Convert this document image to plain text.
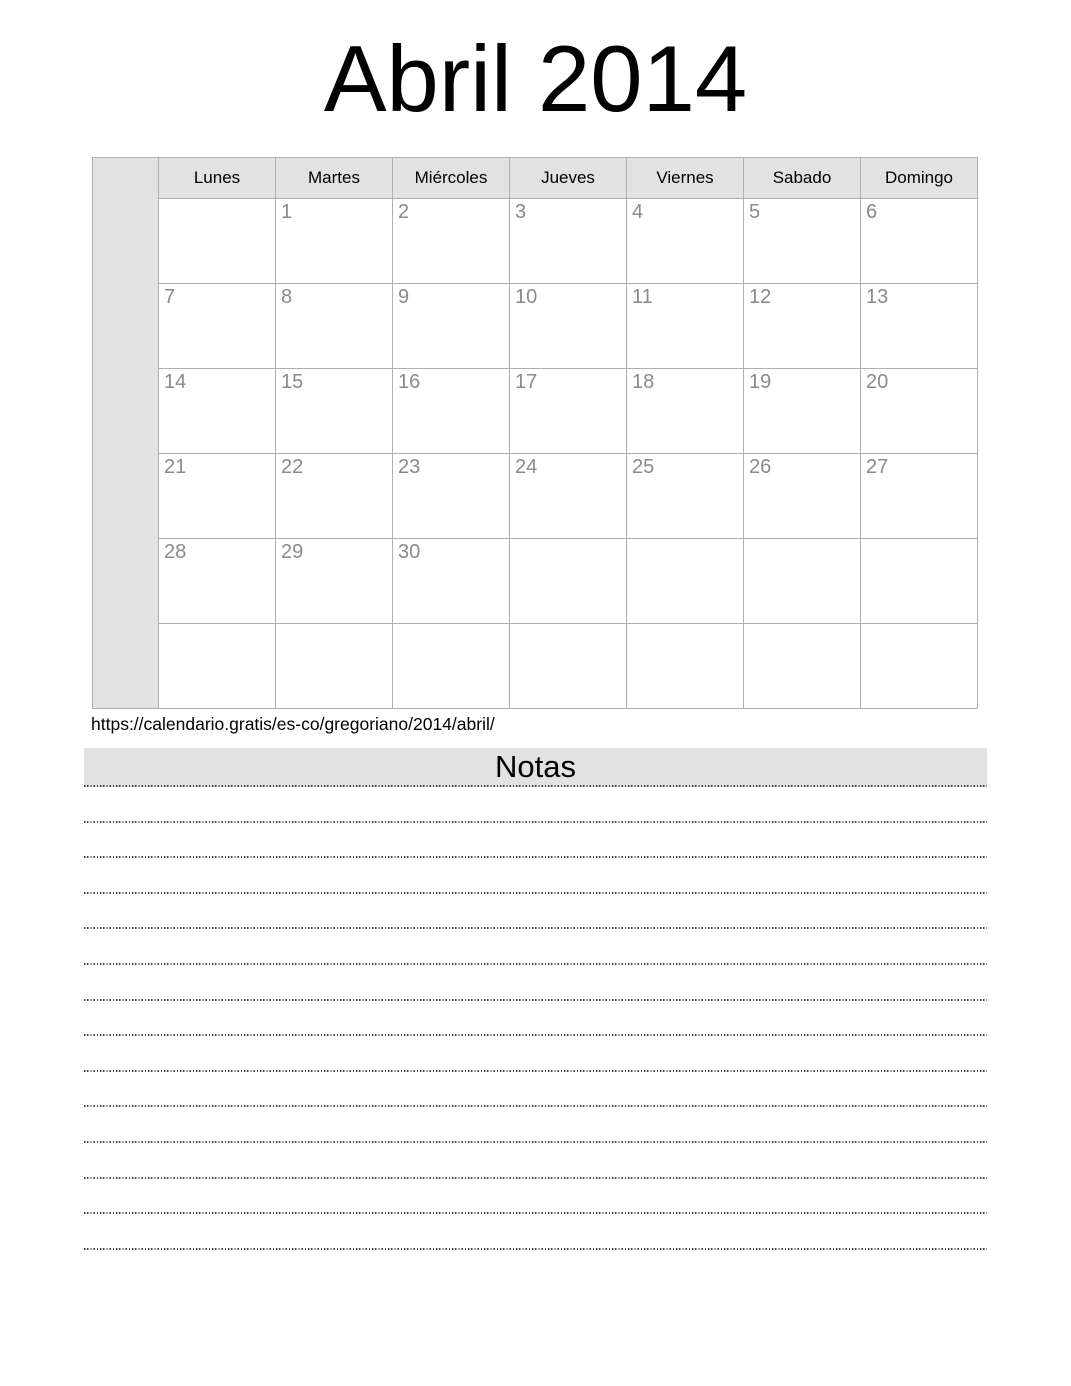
Abril 2014
	Lunes	Martes	Miércoles	Jueves	Viernes	Sabado	Domingo
		1	2	3	4	5	6
	7	8	9	10	11	12	13
	14	15	16	17	18	19	20
	21	22	23	24	25	26	27
	28	29	30				

https://calendario.gratis/es-co/gregoriano/2014/abril/
Notas
